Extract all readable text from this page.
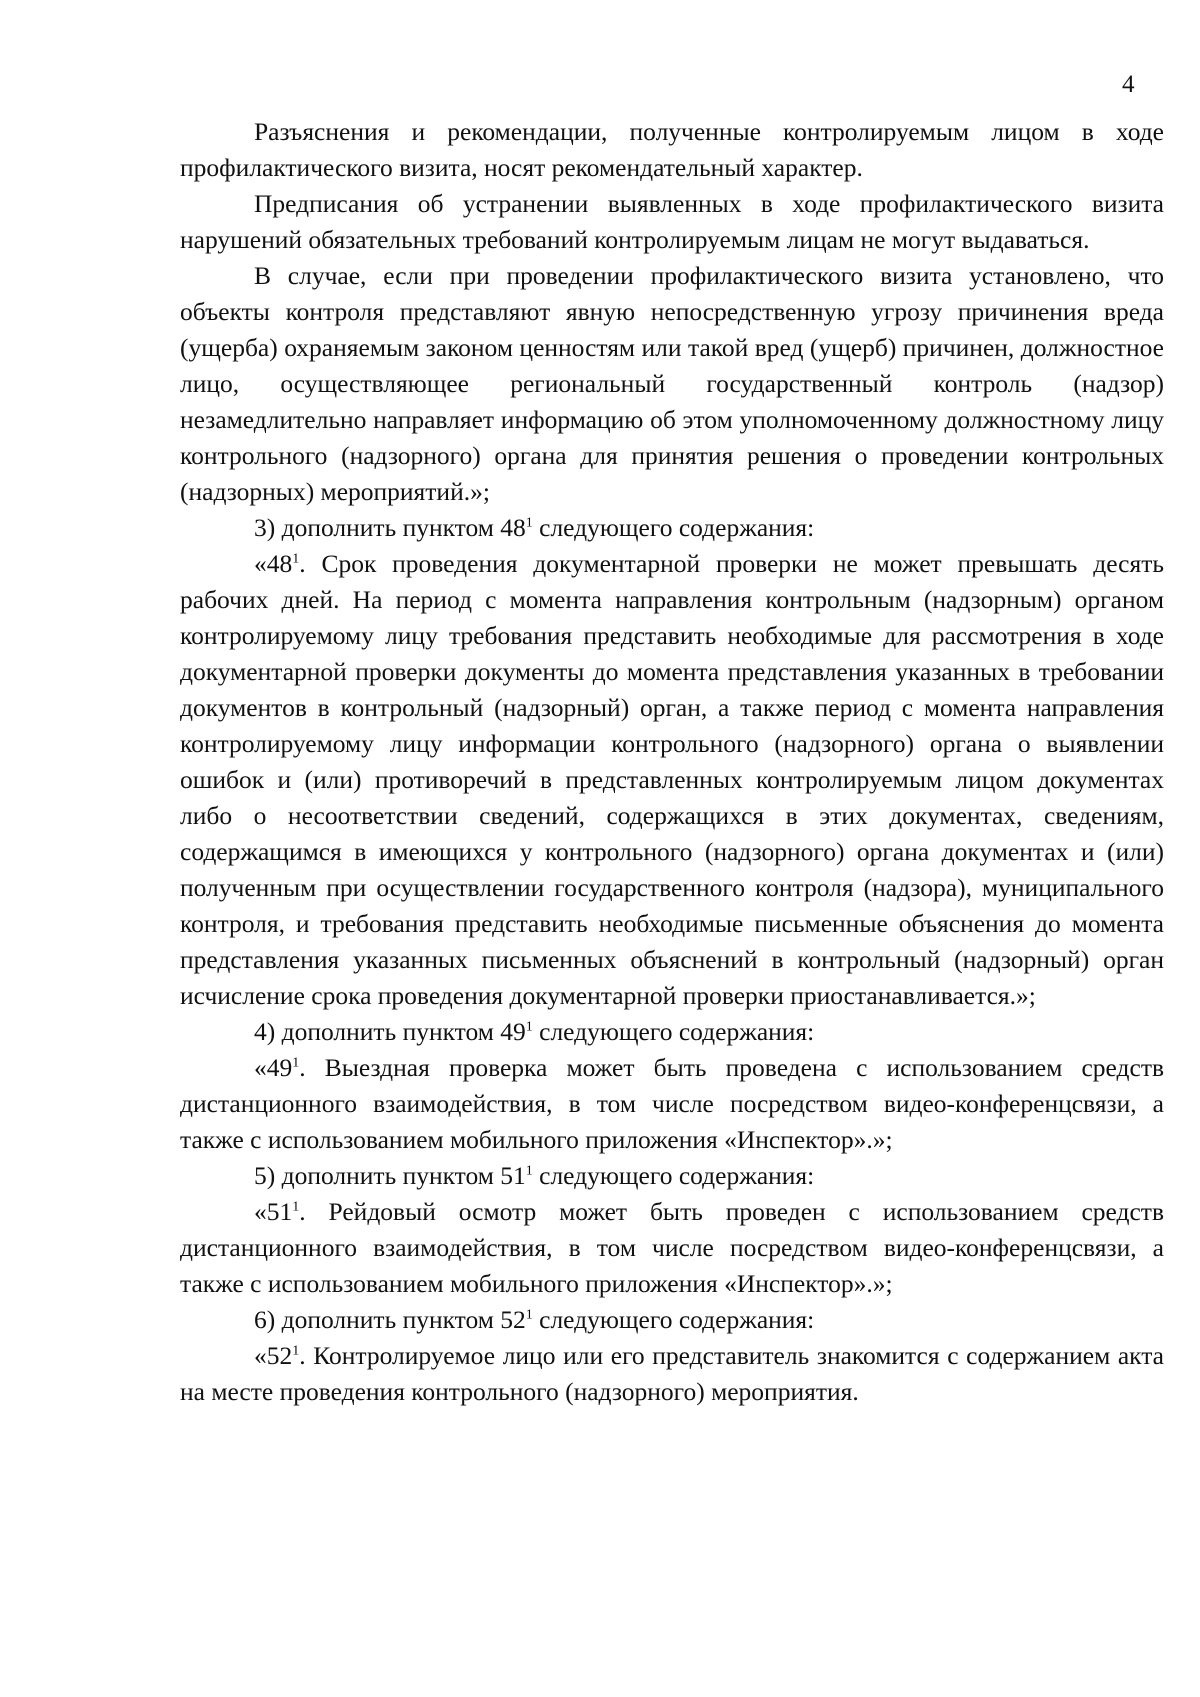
4

Разъяснения и рекомендации, полученные контролируемым лицом в ходе профилактического визита, носят рекомендательный характер.

Предписания об устранении выявленных в ходе профилактического визита нарушений обязательных требований контролируемым лицам не могут выдаваться.

В случае, если при проведении профилактического визита установлено, что объекты контроля представляют явную непосредственную угрозу причинения вреда (ущерба) охраняемым законом ценностям или такой вред (ущерб) причинен, должностное лицо, осуществляющее региональный государственный контроль (надзор) незамедлительно направляет информацию об этом уполномоченному должностному лицу контрольного (надзорного) органа для принятия решения о проведении контрольных (надзорных) мероприятий.»;

3) дополнить пунктом $48^1$ следующего содержания:

«$48^1$. Срок проведения документарной проверки не может превышать десять рабочих дней. На период с момента направления контрольным (надзорным) органом контролируемому лицу требования представить необходимые для рассмотрения в ходе документарной проверки документы до момента представления указанных в требовании документов в контрольный (надзорный) орган, а также период с момента направления контролируемому лицу информации контрольного (надзорного) органа о выявлении ошибок и (или) противоречий в представленных контролируемым лицом документах либо о несоответствии сведений, содержащихся в этих документах, сведениям, содержащимся в имеющихся у контрольного (надзорного) органа документах и (или) полученным при осуществлении государственного контроля (надзора), муниципального контроля, и требования представить необходимые письменные объяснения до момента представления указанных письменных объяснений в контрольный (надзорный) орган исчисление срока проведения документарной проверки приостанавливается.»;

4) дополнить пунктом $49^1$ следующего содержания:

«$49^1$. Выездная проверка может быть проведена с использованием средств дистанционного взаимодействия, в том числе посредством видео-конференцсвязи, а также с использованием мобильного приложения «Инспектор».»;

5) дополнить пунктом $51^1$ следующего содержания:

«$51^1$. Рейдовый осмотр может быть проведен с использованием средств дистанционного взаимодействия, в том числе посредством видео-конференцсвязи, а также с использованием мобильного приложения «Инспектор».»;

6) дополнить пунктом $52^1$ следующего содержания:

«$52^1$. Контролируемое лицо или его представитель знакомится с содержанием акта на месте проведения контрольного (надзорного) мероприятия.
